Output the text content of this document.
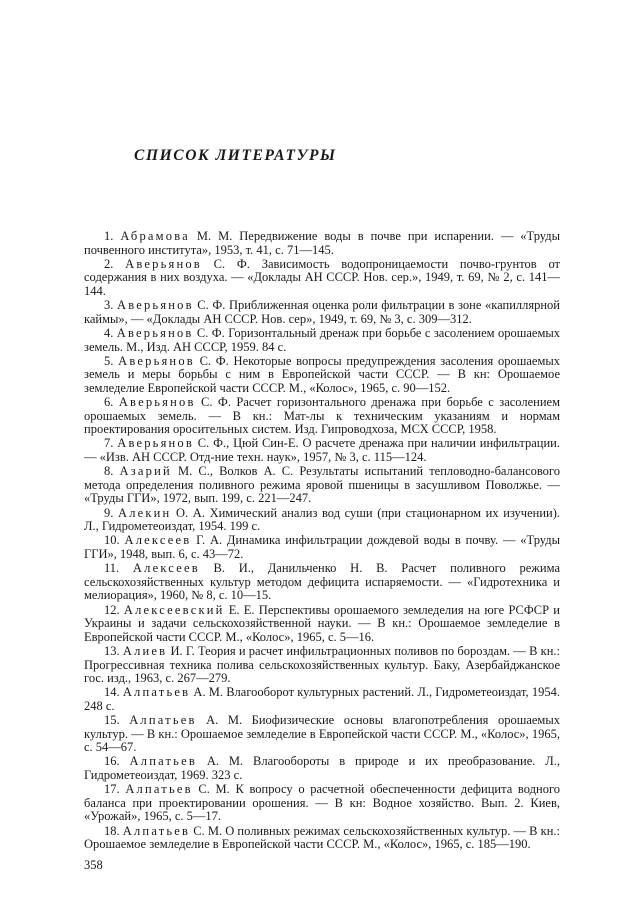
СПИСОК ЛИТЕРАТУРЫ

1. Абрамова М. М. Передвижение воды в почве при испарении. — «Труды почвенного института», 1953, т. 41, с. 71—145.

2. Аверьянов С. Ф. Зависимость водопроницаемости почво-грунтов от содержания в них воздуха. — «Доклады АН СССР. Нов. сер.», 1949, т. 69, № 2, с. 141—144.

3. Аверьянов С. Ф. Приближенная оценка роли фильтрации в зоне «капиллярной каймы», — «Доклады АН СССР. Нов. сер», 1949, т. 69, № 3, с. 309—312.

4. Аверьянов С. Ф. Горизонтальный дренаж при борьбе с засолением орошаемых земель. М., Изд. АН СССР, 1959. 84 с.

5. Аверьянов С. Ф. Некоторые вопросы предупреждения засоления орошаемых земель и меры борьбы с ним в Европейской части СССР. — В кн: Орошаемое земледелие Европейской части СССР. М., «Колос», 1965, с. 90—152.

6. Аверьянов С. Ф. Расчет горизонтального дренажа при борьбе с засолением орошаемых земель. — В кн.: Мат-лы к техническим указаниям и нормам проектирования оросительных систем. Изд. Гипроводхоза, МСХ СССР, 1958.

7. Аверьянов С. Ф., Цюй Син-Е. О расчете дренажа при наличии инфильтрации. — «Изв. АН СССР. Отд-ние техн. наук», 1957, № 3, с. 115—124.

8. Азарий М. С., Волков А. С. Результаты испытаний тепловодно-балансового метода определения поливного режима яровой пшеницы в засушливом Поволжье. — «Труды ГГИ», 1972, вып. 199, с. 221—247.

9. Алекин О. А. Химический анализ вод суши (при стационарном их изучении). Л., Гидрометеоиздат, 1954. 199 с.

10. Алексеев Г. А. Динамика инфильтрации дождевой воды в почву. — «Труды ГГИ», 1948, вып. 6, с. 43—72.

11. Алексеев В. И., Данильченко Н. В. Расчет поливного режима сельскохозяйственных культур методом дефицита испаряемости. — «Гидротехника и мелиорация», 1960, № 8, с. 10—15.

12. Алексеевский Е. Е. Перспективы орошаемого земледелия на юге РСФСР и Украины и задачи сельскохозяйственной науки. — В кн.: Орошаемое земледелие в Европейской части СССР. М., «Колос», 1965, с. 5—16.

13. Алиев И. Г. Теория и расчет инфильтрационных поливов по бороздам. — В кн.: Прогрессивная техника полива сельскохозяйственных культур. Баку, Азербайджанское гос. изд., 1963, с. 267—279.

14. Алпатьев А. М. Влагооборот культурных растений. Л., Гидрометеоиздат, 1954. 248 с.

15. Алпатьев А. М. Биофизические основы влагопотребления орошаемых культур. — В кн.: Орошаемое земледелие в Европейской части СССР. М., «Колос», 1965, с. 54—67.

16. Алпатьев А. М. Влагообороты в природе и их преобразование. Л., Гидрометеоиздат, 1969. 323 с.

17. Алпатьев С. М. К вопросу о расчетной обеспеченности дефицита водного баланса при проектировании орошения. — В кн: Водное хозяйство. Вып. 2. Киев, «Урожай», 1965, с. 5—17.

18. Алпатьев С. М. О поливных режимах сельскохозяйственных культур. — В кн.: Орошаемое земледелие в Европейской части СССР. М., «Колос», 1965, с. 185—190.

358
